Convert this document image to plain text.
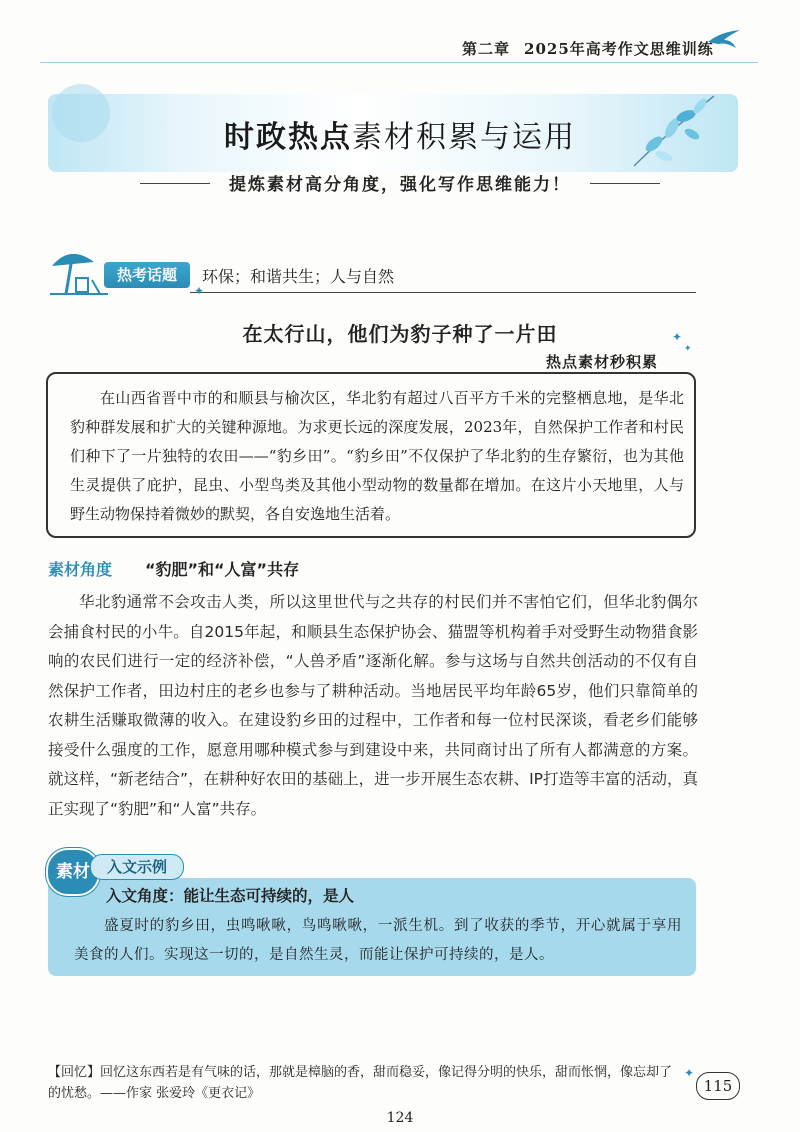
第二章 2025年高考作文思维训练
时政热点素材积累与运用
提炼素材高分角度，强化写作思维能力！
热考话题	环保；和谐共生；人与自然
✦
在太行山，他们为豹子种了一片田	✦
✦
热点素材秒积累

在山西省晋中市的和顺县与榆次区，华北豹有超过八百平方千米的完整栖息地，是华北豹种群发展和扩大的关键种源地。为求更长远的深度发展，2023年，自然保护工作者和村民们种下了一片独特的农田——“豹乡田”。“豹乡田”不仅保护了华北豹的生存繁衍，也为其他生灵提供了庇护，昆虫、小型鸟类及其他小型动物的数量都在增加。在这片小天地里，人与野生动物保持着微妙的默契，各自安逸地生活着。

素材角度 “豹肥”和“人富”共存

华北豹通常不会攻击人类，所以这里世代与之共存的村民们并不害怕它们，但华北豹偶尔会捕食村民的小牛。自2015年起，和顺县生态保护协会、猫盟等机构着手对受野生动物猎食影响的农民们进行一定的经济补偿，“人兽矛盾”逐渐化解。参与这场与自然共创活动的不仅有自然保护工作者，田边村庄的老乡也参与了耕种活动。当地居民平均年龄65岁，他们只靠简单的农耕生活赚取微薄的收入。在建设豹乡田的过程中，工作者和每一位村民深谈，看老乡们能够接受什么强度的工作，愿意用哪种模式参与到建设中来，共同商讨出了所有人都满意的方案。就这样，“新老结合”，在耕种好农田的基础上，进一步开展生态农耕、IP打造等丰富的活动，真正实现了“豹肥”和“人富”共存。

素材	入文示例
入文角度：能让生态可持续的，是人

盛夏时的豹乡田，虫鸣啾啾，鸟鸣啾啾，一派生机。到了收获的季节，开心就属于享用美食的人们。实现这一切的，是自然生灵，而能让保护可持续的，是人。

【回忆】回忆这东西若是有气味的话，那就是樟脑的香，甜而稳妥，像记得分明的快乐，甜而怅惘，像忘却了的忧愁。——作家 张爱玲《更衣记》

✦
115
124
